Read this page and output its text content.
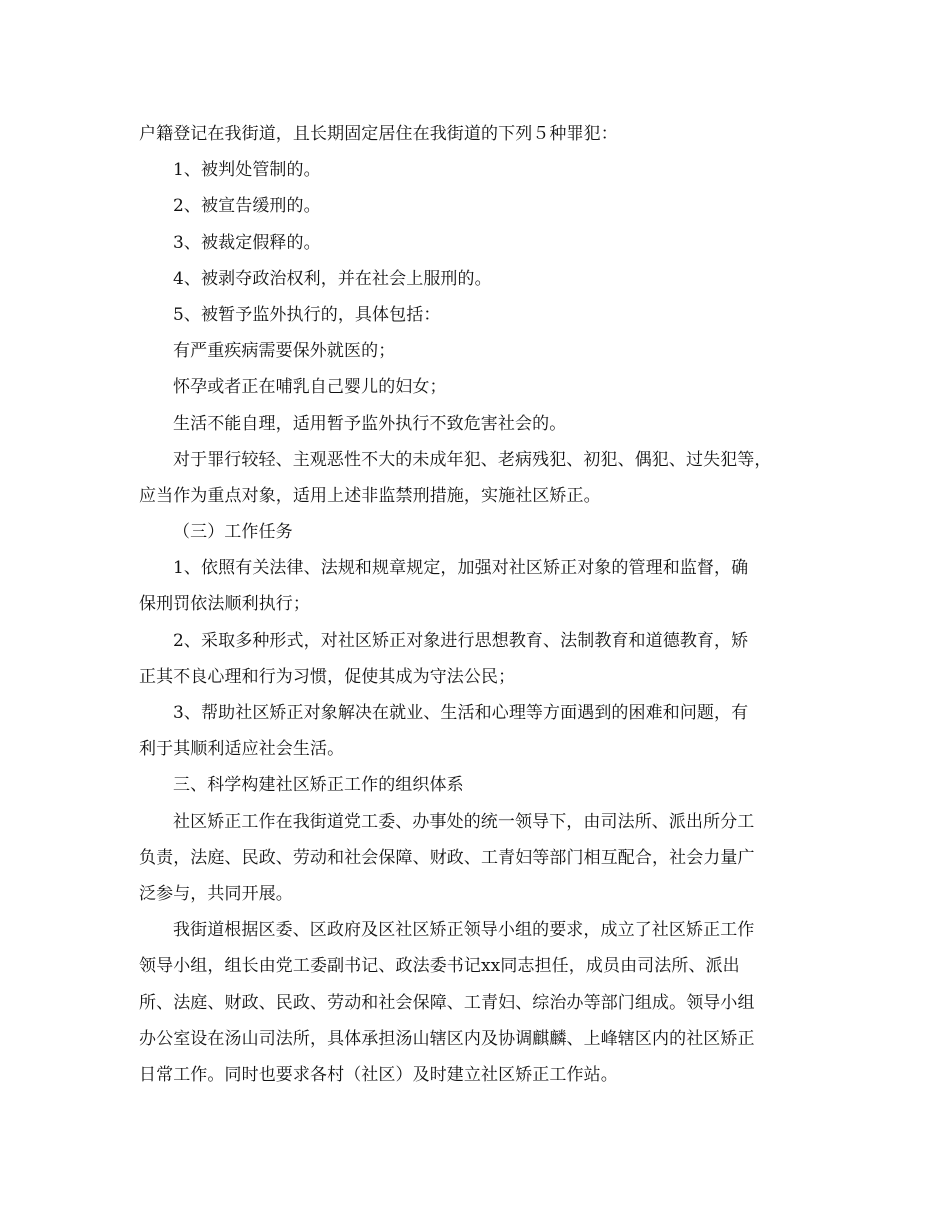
户籍登记在我街道，且长期固定居住在我街道的下列５种罪犯：
1、被判处管制的。
2、被宣告缓刑的。
3、被裁定假释的。
4、被剥夺政治权利，并在社会上服刑的。
5、被暂予监外执行的，具体包括：
有严重疾病需要保外就医的；
怀孕或者正在哺乳自己婴儿的妇女；
生活不能自理，适用暂予监外执行不致危害社会的。
对于罪行较轻、主观恶性不大的未成年犯、老病残犯、初犯、偶犯、过失犯等，
应当作为重点对象，适用上述非监禁刑措施，实施社区矫正。
（三）工作任务
1、依照有关法律、法规和规章规定，加强对社区矫正对象的管理和监督，确
保刑罚依法顺利执行；
2、采取多种形式，对社区矫正对象进行思想教育、法制教育和道德教育，矫
正其不良心理和行为习惯，促使其成为守法公民；
3、帮助社区矫正对象解决在就业、生活和心理等方面遇到的困难和问题，有
利于其顺利适应社会生活。
三、科学构建社区矫正工作的组织体系
社区矫正工作在我街道党工委、办事处的统一领导下，由司法所、派出所分工
负责，法庭、民政、劳动和社会保障、财政、工青妇等部门相互配合，社会力量广
泛参与，共同开展。
我街道根据区委、区政府及区社区矫正领导小组的要求，成立了社区矫正工作
领导小组，组长由党工委副书记、政法委书记xx同志担任，成员由司法所、派出
所、法庭、财政、民政、劳动和社会保障、工青妇、综治办等部门组成。领导小组
办公室设在汤山司法所，具体承担汤山辖区内及协调麒麟、上峰辖区内的社区矫正
日常工作。同时也要求各村（社区）及时建立社区矫正工作站。
